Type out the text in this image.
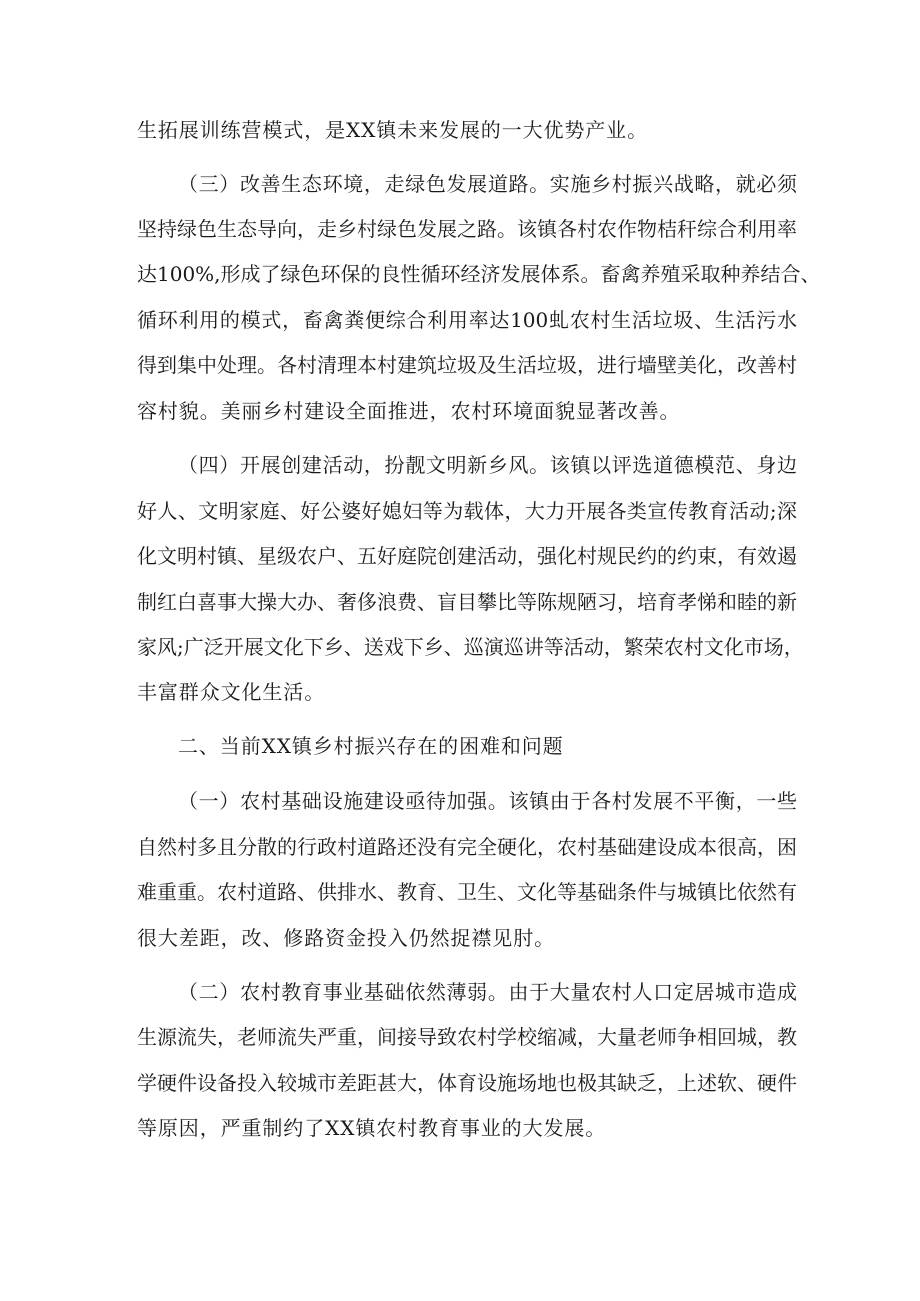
生拓展训练营模式，是XX镇未来发展的一大优势产业。
（三）改善生态环境，走绿色发展道路。实施乡村振兴战略，就必须
坚持绿色生态导向，走乡村绿色发展之路。该镇各村农作物桔秆综合利用率
达100%,形成了绿色环保的良性循环经济发展体系。畜禽养殖采取种养结合、
循环利用的模式，畜禽粪便综合利用率达100虬农村生活垃圾、生活污水
得到集中处理。各村清理本村建筑垃圾及生活垃圾，进行墙壁美化，改善村
容村貌。美丽乡村建设全面推进，农村环境面貌显著改善。
（四）开展创建活动，扮靓文明新乡风。该镇以评选道德模范、身边
好人、文明家庭、好公婆好媳妇等为载体，大力开展各类宣传教育活动;深
化文明村镇、星级农户、五好庭院创建活动，强化村规民约的约束，有效遏
制红白喜事大操大办、奢侈浪费、盲目攀比等陈规陋习，培育孝悌和睦的新
家风;广泛开展文化下乡、送戏下乡、巡演巡讲等活动，繁荣农村文化市场，
丰富群众文化生活。
二、当前XX镇乡村振兴存在的困难和问题
（一）农村基础设施建设亟待加强。该镇由于各村发展不平衡，一些
自然村多且分散的行政村道路还没有完全硬化，农村基础建设成本很高，困
难重重。农村道路、供排水、教育、卫生、文化等基础条件与城镇比依然有
很大差距，改、修路资金投入仍然捉襟见肘。
（二）农村教育事业基础依然薄弱。由于大量农村人口定居城市造成
生源流失，老师流失严重，间接导致农村学校缩减，大量老师争相回城，教
学硬件设备投入较城市差距甚大，体育设施场地也极其缺乏，上述软、硬件
等原因，严重制约了XX镇农村教育事业的大发展。
